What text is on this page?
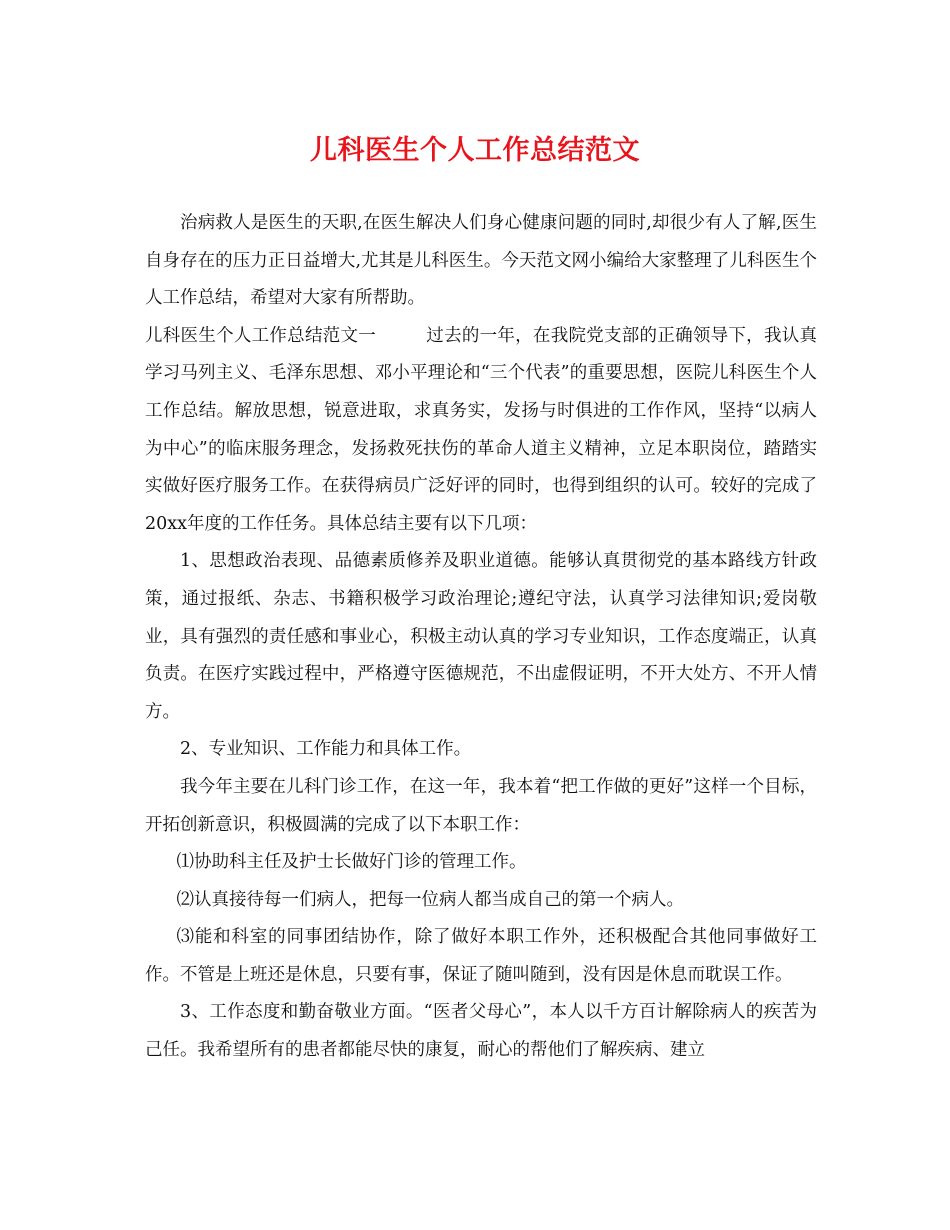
儿科医生个人工作总结范文

治病救人是医生的天职,在医生解决人们身心健康问题的同时,却很少有人了解,医生自身存在的压力正日益增大,尤其是儿科医生。今天范文网小编给大家整理了儿科医生个人工作总结，希望对大家有所帮助。

儿科医生个人工作总结范文一	过去的一年，在我院党支部的正确领导下，我认真学习马列主义、毛泽东思想、邓小平理论和“三个代表”的重要思想，医院儿科医生个人工作总结。解放思想，锐意进取，求真务实，发扬与时俱进的工作作风，坚持“以病人为中心”的临床服务理念，发扬救死扶伤的革命人道主义精神，立足本职岗位，踏踏实实做好医疗服务工作。在获得病员广泛好评的同时，也得到组织的认可。较好的完成了20xx年度的工作任务。具体总结主要有以下几项：

1、思想政治表现、品德素质修养及职业道德。能够认真贯彻党的基本路线方针政策，通过报纸、杂志、书籍积极学习政治理论;遵纪守法，认真学习法律知识;爱岗敬业，具有强烈的责任感和事业心，积极主动认真的学习专业知识，工作态度端正，认真负责。在医疗实践过程中，严格遵守医德规范，不出虚假证明，不开大处方、不开人情方。

2、专业知识、工作能力和具体工作。

我今年主要在儿科门诊工作，在这一年，我本着“把工作做的更好”这样一个目标，开拓创新意识，积极圆满的完成了以下本职工作：

⑴协助科主任及护士长做好门诊的管理工作。

⑵认真接待每一们病人，把每一位病人都当成自己的第一个病人。

⑶能和科室的同事团结协作，除了做好本职工作外，还积极配合其他同事做好工作。不管是上班还是休息，只要有事，保证了随叫随到，没有因是休息而耽误工作。

3、工作态度和勤奋敬业方面。“医者父母心”，本人以千方百计解除病人的疾苦为己任。我希望所有的患者都能尽快的康复，耐心的帮他们了解疾病、建立
